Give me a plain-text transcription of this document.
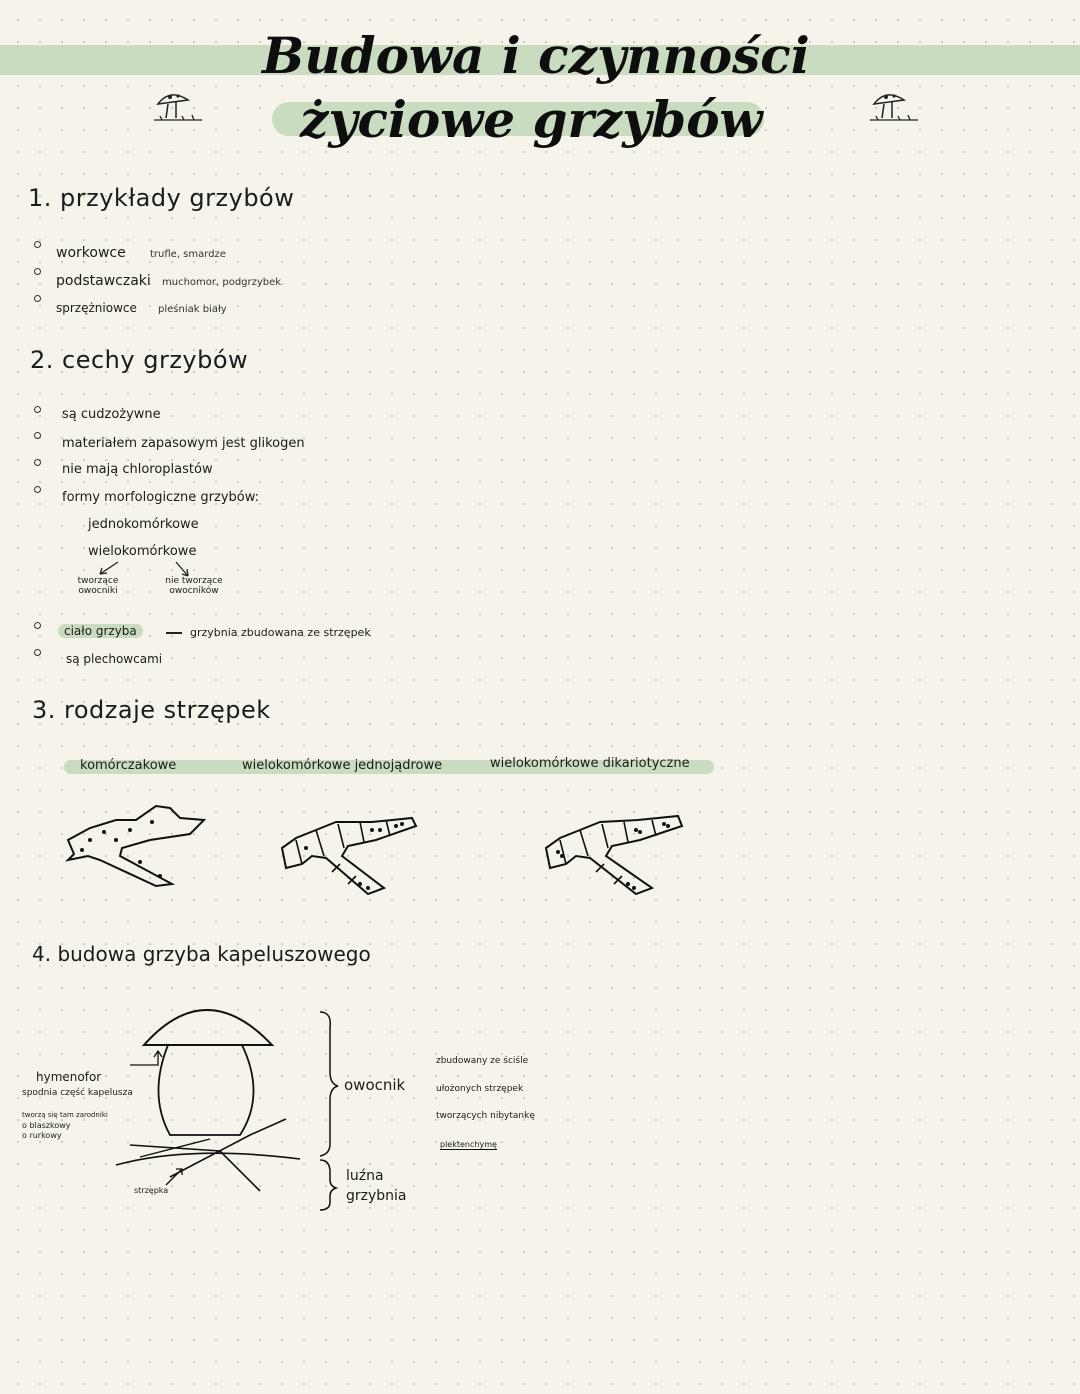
Budowa i czynności
życiowe grzybów
1. przykłady grzybów
workowce trufle, smardze
podstawczaki muchomor, podgrzybek
sprzężniowce pleśniak biały
2. cechy grzybów
są cudzożywne
materiałem zapasowym jest glikogen
nie mają chloroplastów
formy morfologiczne grzybów:
jednokomórkowe
wielokomórkowe
tworzące owocniki
nie tworzące owocników
ciało grzyba	grzybnia zbudowana ze strzępek
są plechowcami
3. rodzaje strzępek
komórczakowe	wielokomórkowe jednojądrowe	wielokomórkowe dikariotyczne
4. budowa grzyba kapeluszowego
hymenofor
spodnia część kapelusza
tworzą się tam zarodniki
o blaszkowy
o rurkowy
strzępka
owocnik
zbudowany ze ściśle
ułożonych strzępek
tworzących nibytankę
plektenchymę
luźna
grzybnia
